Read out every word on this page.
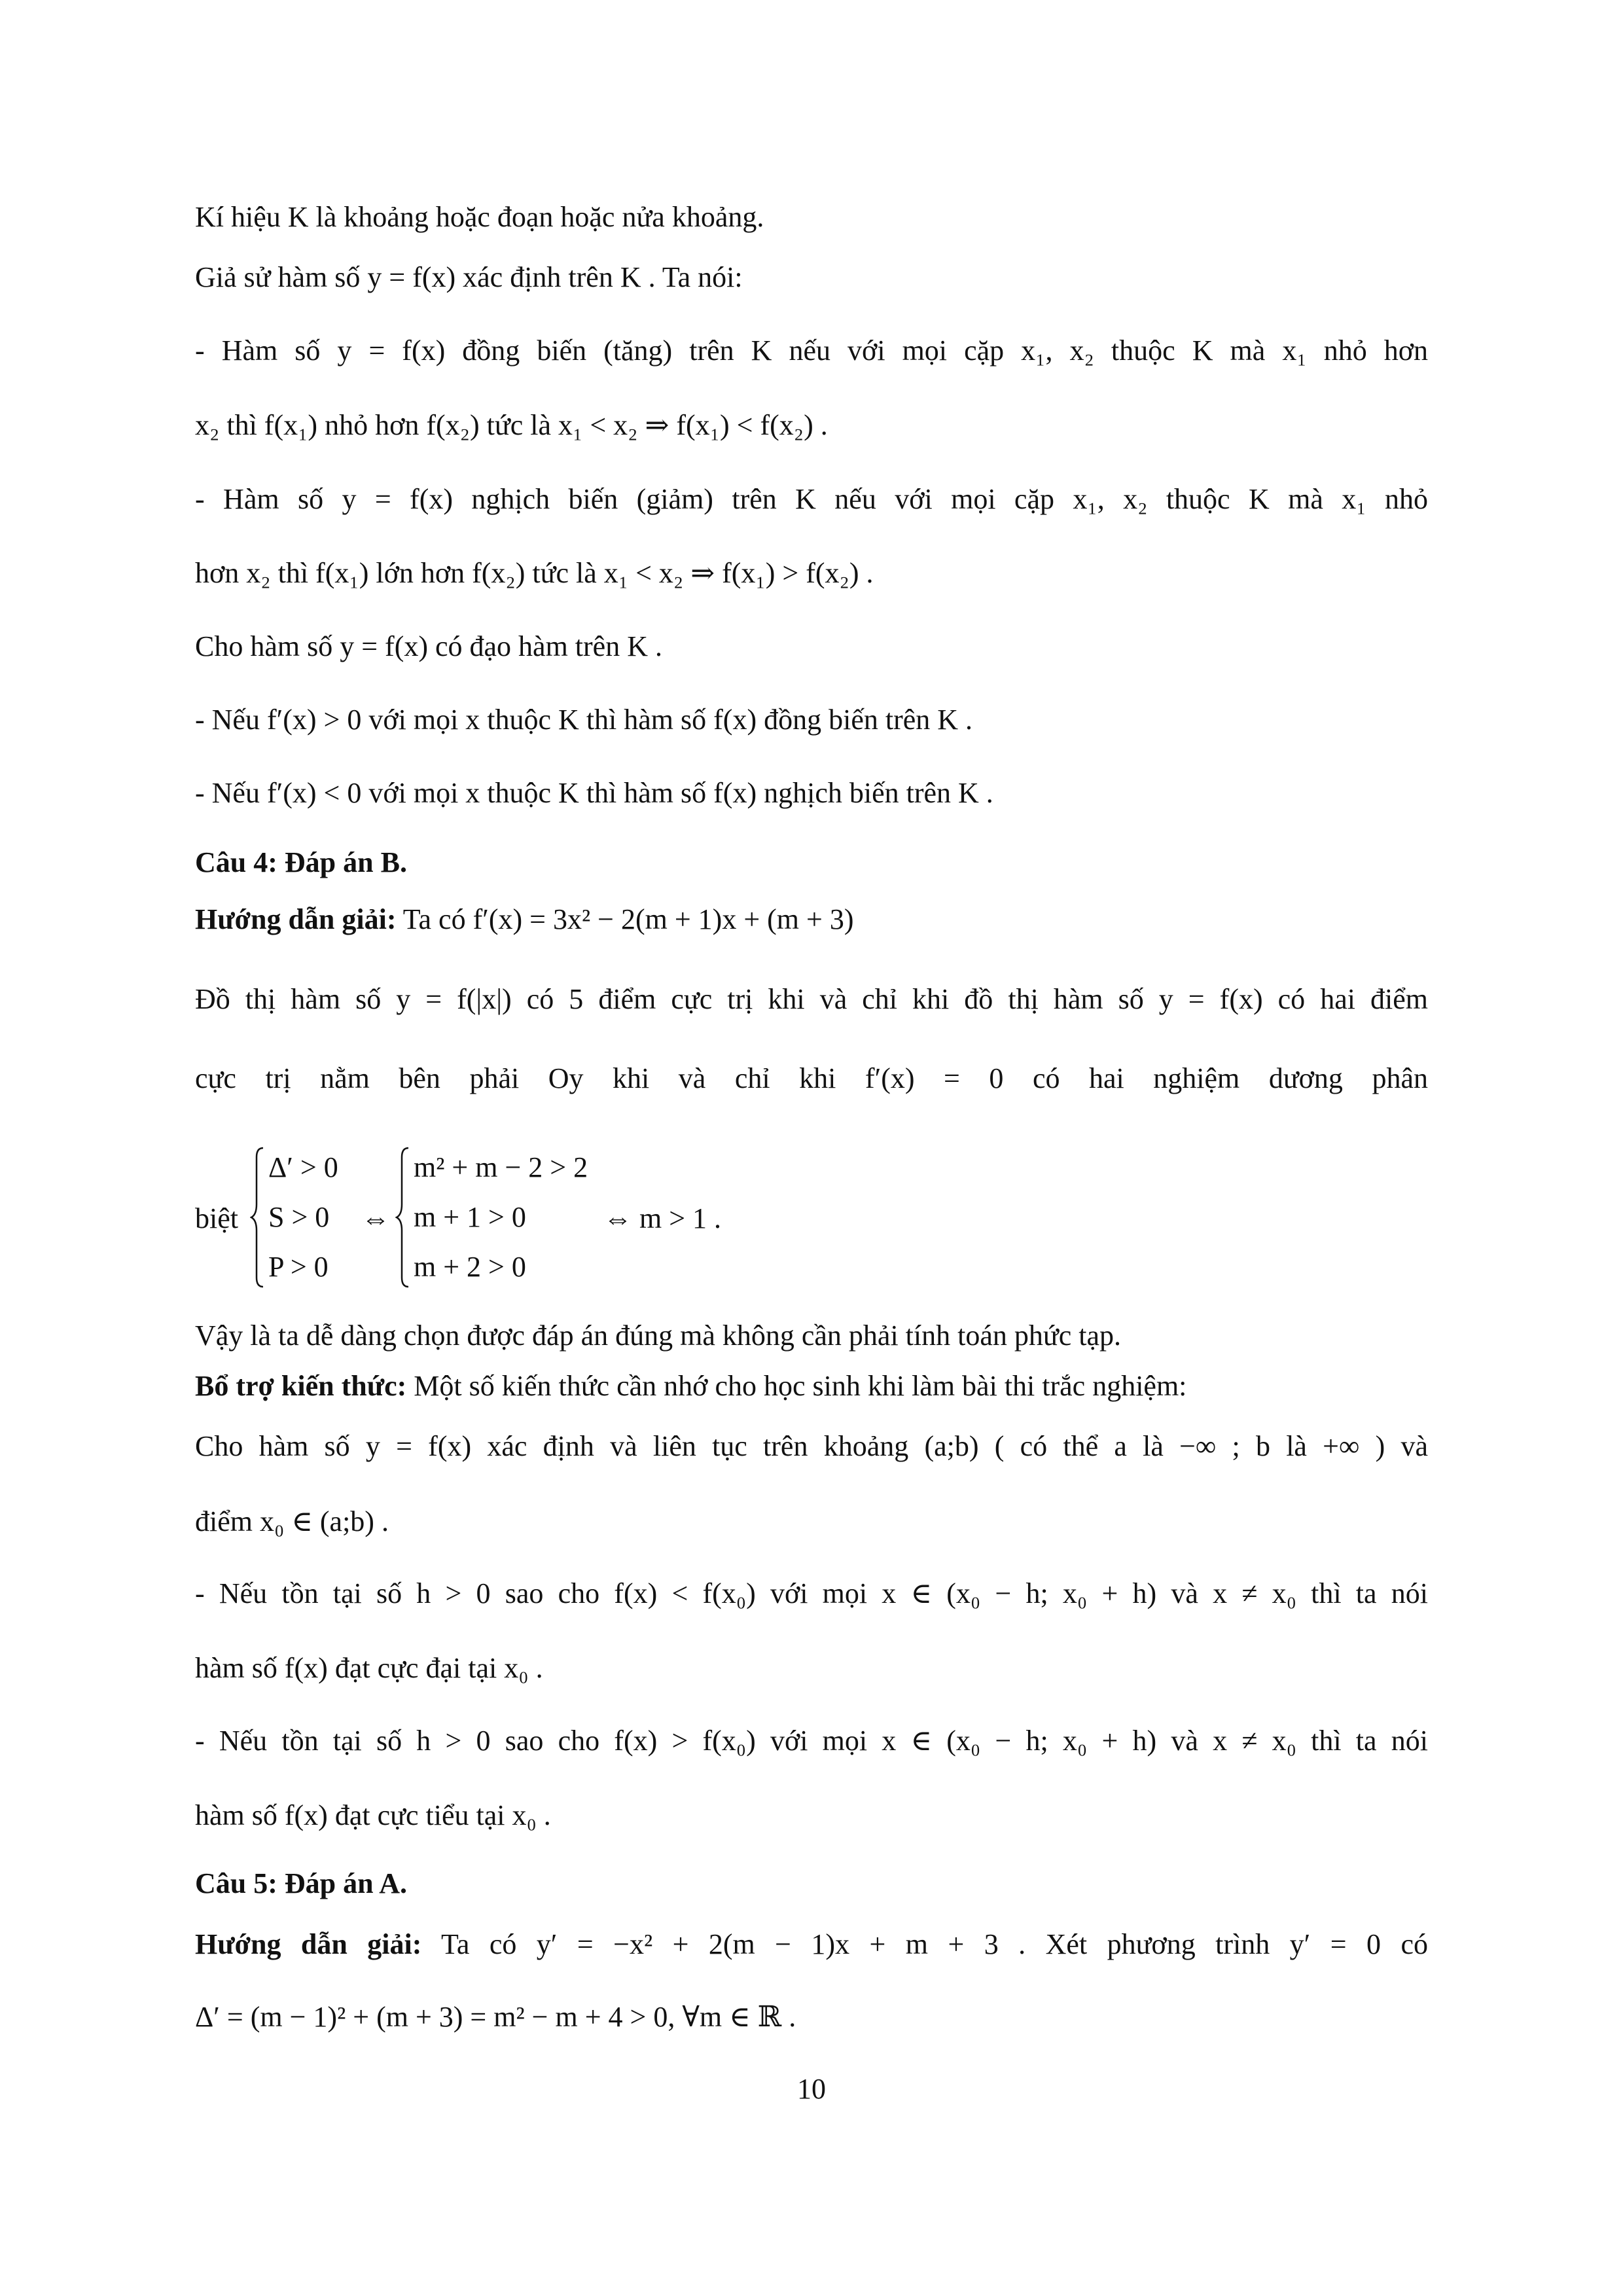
Kí hiệu K là khoảng hoặc đoạn hoặc nửa khoảng.
Giả sử hàm số y = f(x) xác định trên K . Ta nói:
- Hàm số y = f(x) đồng biến (tăng) trên K nếu với mọi cặp x₁, x₂ thuộc K mà x₁ nhỏ hơn
x₂ thì f(x₁) nhỏ hơn f(x₂) tức là x₁ < x₂ ⇒ f(x₁) < f(x₂) .
- Hàm số y = f(x) nghịch biến (giảm) trên K nếu với mọi cặp x₁, x₂ thuộc K mà x₁ nhỏ
hơn x₂ thì f(x₁) lớn hơn f(x₂) tức là x₁ < x₂ ⇒ f(x₁) > f(x₂) .
Cho hàm số y = f(x) có đạo hàm trên K .
- Nếu f′(x) > 0 với mọi x thuộc K thì hàm số f(x) đồng biến trên K .
- Nếu f′(x) < 0 với mọi x thuộc K thì hàm số f(x) nghịch biến trên K .
Câu 4: Đáp án B.
Hướng dẫn giải: Ta có f′(x) = 3x² − 2(m + 1)x + (m + 3)
Đồ thị hàm số y = f(|x|) có 5 điểm cực trị khi và chỉ khi đồ thị hàm số y = f(x) có hai điểm
cực trị nằm bên phải Oy khi và chỉ khi f′(x) = 0 có hai nghiệm dương phân
biệt
Δ′ > 0
S > 0
P > 0
⇔
m² + m − 2 > 2
m + 1 > 0
m + 2 > 0
⇔ m > 1 .
Vậy là ta dễ dàng chọn được đáp án đúng mà không cần phải tính toán phức tạp.
Bổ trợ kiến thức: Một số kiến thức cần nhớ cho học sinh khi làm bài thi trắc nghiệm:
Cho hàm số y = f(x) xác định và liên tục trên khoảng (a;b) ( có thể a là −∞ ; b là +∞ ) và
điểm x₀ ∈ (a;b) .
- Nếu tồn tại số h > 0 sao cho f(x) < f(x₀) với mọi x ∈ (x₀ − h; x₀ + h) và x ≠ x₀ thì ta nói
hàm số f(x) đạt cực đại tại x₀ .
- Nếu tồn tại số h > 0 sao cho f(x) > f(x₀) với mọi x ∈ (x₀ − h; x₀ + h) và x ≠ x₀ thì ta nói
hàm số f(x) đạt cực tiểu tại x₀ .
Câu 5: Đáp án A.
Hướng dẫn giải: Ta có y′ = −x² + 2(m − 1)x + m + 3 . Xét phương trình y′ = 0 có
Δ′ = (m − 1)² + (m + 3) = m² − m + 4 > 0, ∀m ∈ ℝ .
10
